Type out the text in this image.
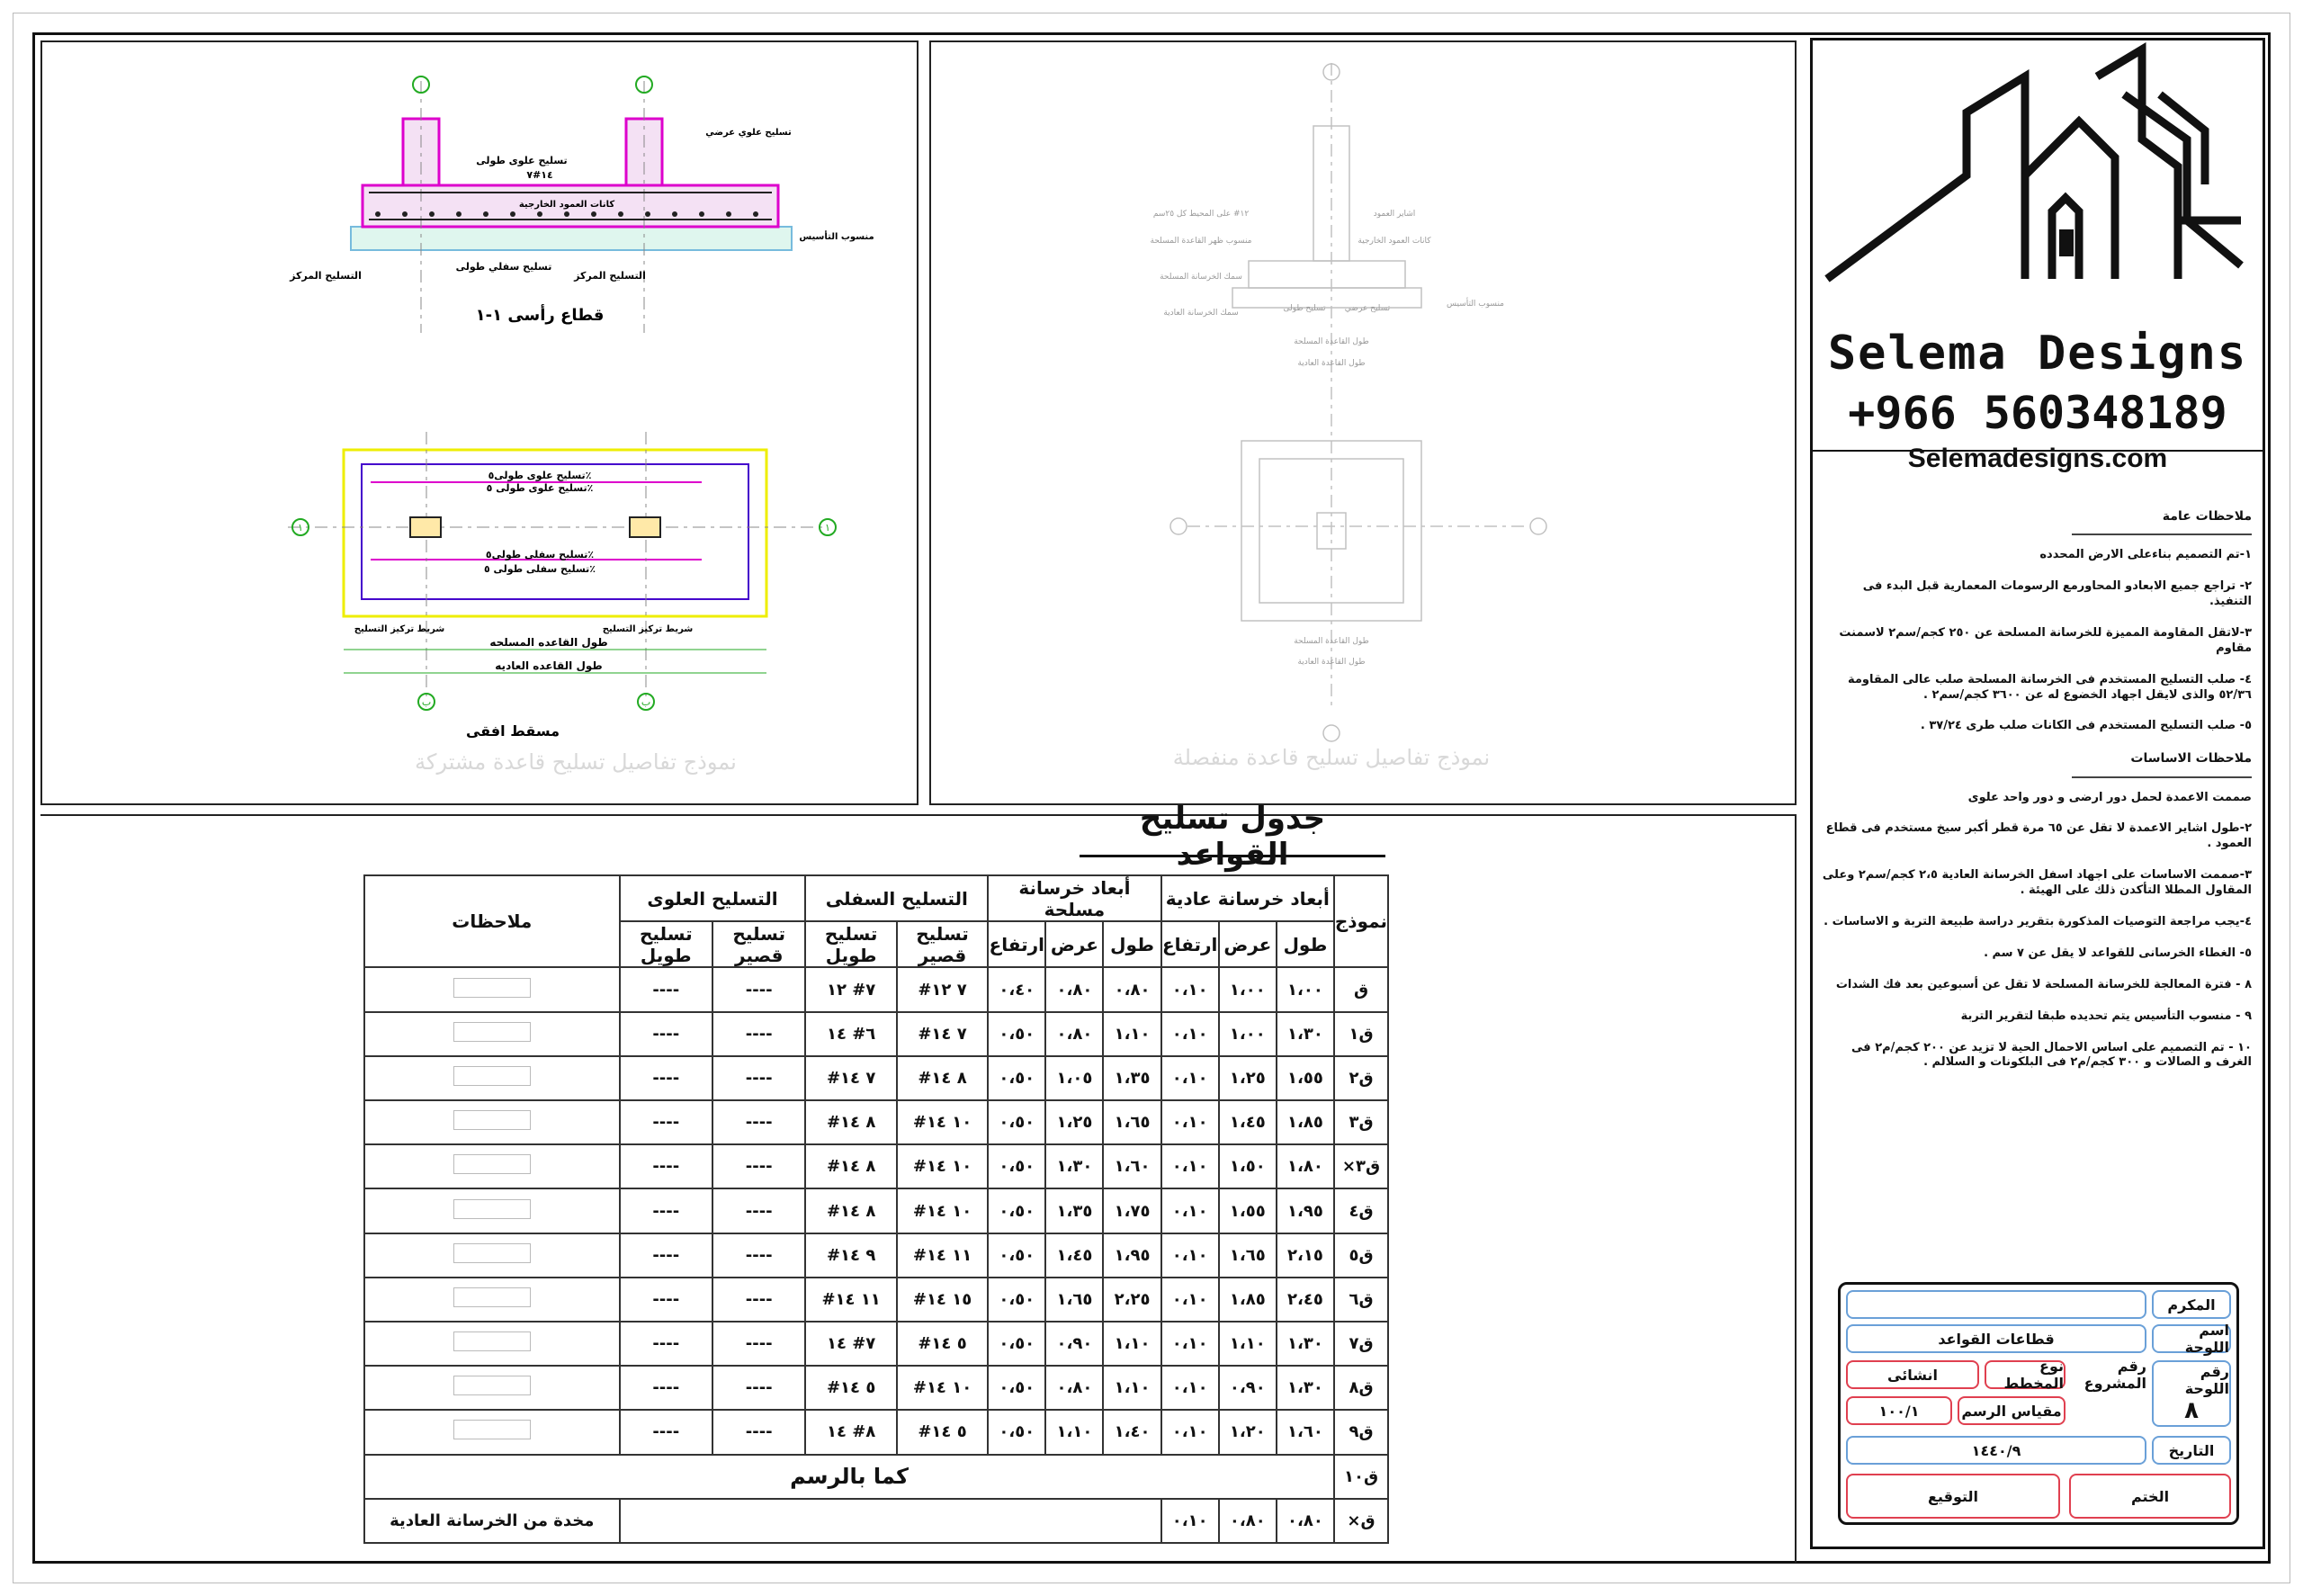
تسليح علوى طولى
١٤#٧
تسليح علوي عرضي
كانات العمود الخارجية
تسليح سفلي طولى
التسليح المركز	التسليح المركز
منسوب التأسيس
قطاع رأسى ١-١
١	١
ب	ب
تسليح علوى طولى٥٪
تسليح علوى طولى ٥٪
تسليح سفلى طولى٥٪
تسليح سفلى طولى ٥٪
شريط تركيز التسليح	شريط تركيز التسليح
طول القاعده المسلحه
طول القاعده العاديه
مسقط افقى
نموذج تفاصيل تسليح قاعدة مشتركة
١٢# على المحيط كل ٢٥سم
منسوب ظهر القاعدة المسلحة
سمك الخرسانة المسلحة
سمك الخرسانة العادية
اشاير العمود
كانات العمود الخارجية
منسوب التأسيس
تسليح طولى تسليح عرضي
طول القاعدة المسلحة
طول القاعدة العادية
طول القاعدة المسلحة
طول القاعدة العادية
نموذج تفاصيل تسليح قاعدة منفصلة
جدول تسليح القواعد
نموذج	أبعاد خرسانة عادية			أبعاد خرسانة مسلحة			التسليح السفلى		التسليح العلوى		ملاحظات
	طول	عرض	ارتفاع	طول	عرض	ارتفاع	تسليح قصير	تسليح طويل	تسليح قصير	تسليح طويل	
ق	١،٠٠	١،٠٠	٠،١٠	٠،٨٠	٠،٨٠	٠،٤٠	٧ ١٢#	٧# ١٢	----	----	
ق١	١،٣٠	١،٠٠	٠،١٠	١،١٠	٠،٨٠	٠،٥٠	٧ ١٤#	٦# ١٤	----	----	
ق٢	١،٥٥	١،٢٥	٠،١٠	١،٣٥	١،٠٥	٠،٥٠	٨ ١٤#	٧ ١٤#	----	----	
ق٣	١،٨٥	١،٤٥	٠،١٠	١،٦٥	١،٢٥	٠،٥٠	١٠ ١٤#	٨ ١٤#	----	----	
ق٣×	١،٨٠	١،٥٠	٠،١٠	١،٦٠	١،٣٠	٠،٥٠	١٠ ١٤#	٨ ١٤#	----	----	
ق٤	١،٩٥	١،٥٥	٠،١٠	١،٧٥	١،٣٥	٠،٥٠	١٠ ١٤#	٨ ١٤#	----	----	
ق٥	٢،١٥	١،٦٥	٠،١٠	١،٩٥	١،٤٥	٠،٥٠	١١ ١٤#	٩ ١٤#	----	----	
ق٦	٢،٤٥	١،٨٥	٠،١٠	٢،٢٥	١،٦٥	٠،٥٠	١٥ ١٤#	١١ ١٤#	----	----	
ق٧	١،٣٠	١،١٠	٠،١٠	١،١٠	٠،٩٠	٠،٥٠	٥ ١٤#	٧# ١٤	----	----	
ق٨	١،٣٠	٠،٩٠	٠،١٠	١،١٠	٠،٨٠	٠،٥٠	١٠ ١٤#	٥ ١٤#	----	----	
ق٩	١،٦٠	١،٢٠	٠،١٠	١،٤٠	١،١٠	٠،٥٠	٥ ١٤#	٨# ١٤	----	----	
ق١٠	كما بالرسم										
ق×	٠،٨٠	٠،٨٠	٠،١٠								مخدة من الخرسانة العادية
Selema Designs
+966 560348189
Selemadesigns.com
ملاحظات عامة
١-تم التصميم بناءعلى الارض المحدده
٢- تراجع جميع الابعادو المحاورمع الرسومات المعمارية قبل البدء فى التنفيذ.
٣-لاتقل المقاومة المميزة للخرسانة المسلحة عن ٢٥٠ كجم/سم٢ لاسمنت مقاوم
٤- صلب التسليح المستخدم فى الخرسانة المسلحة صلب عالى المقاومة ٥٢/٣٦ والذى لايقل اجهاد الخضوع له عن ٣٦٠٠ كجم/سم٢ .
٥- صلب التسليح المستخدم فى الكانات صلب طرى ٣٧/٢٤ .
ملاحظات الاساسات
صممت الاعمدة لحمل دور ارضى و دور واحد علوى
٢-طول اشاير الاعمدة لا تقل عن ٦٥ مرة قطر أكبر سيخ مستخدم فى قطاع العمود .
٣-صممت الاساسات على اجهاد اسفل الخرسانة العادية ٢،٥ كجم/سم٢ وعلى المقاول المطلا التأكدن ذلك على الهيئة .
٤-يجب مراجعة التوصيات المذكورة بتقرير دراسة طبيعة التربة و الاساسات .
٥- الغطاء الخرسانى للقواعد لا يقل عن ٧ سم .
٨ - فترة المعالجة للخرسانة المسلحة لا تقل عن أسبوعين بعد فك الشدات
٩ - منسوب التأسيس يتم تحديده طبقا لتقرير التربة
١٠ - تم التصميم على اساس الاحمال الحية لا تزيد عن ٢٠٠ كجم/م٢ فى الغرف و الصالات و ٣٠٠ كجم/م٢ فى البلكونات و السلالم .
المكرم
اسم اللوحة
قطاعات القواعد
رقم اللوحة
٨
رقم المشروع
نوع المخطط
انشائى
مقياس الرسم
١٠٠/١
التاريخ
١٤٤٠/٩
الختم
التوقيع
